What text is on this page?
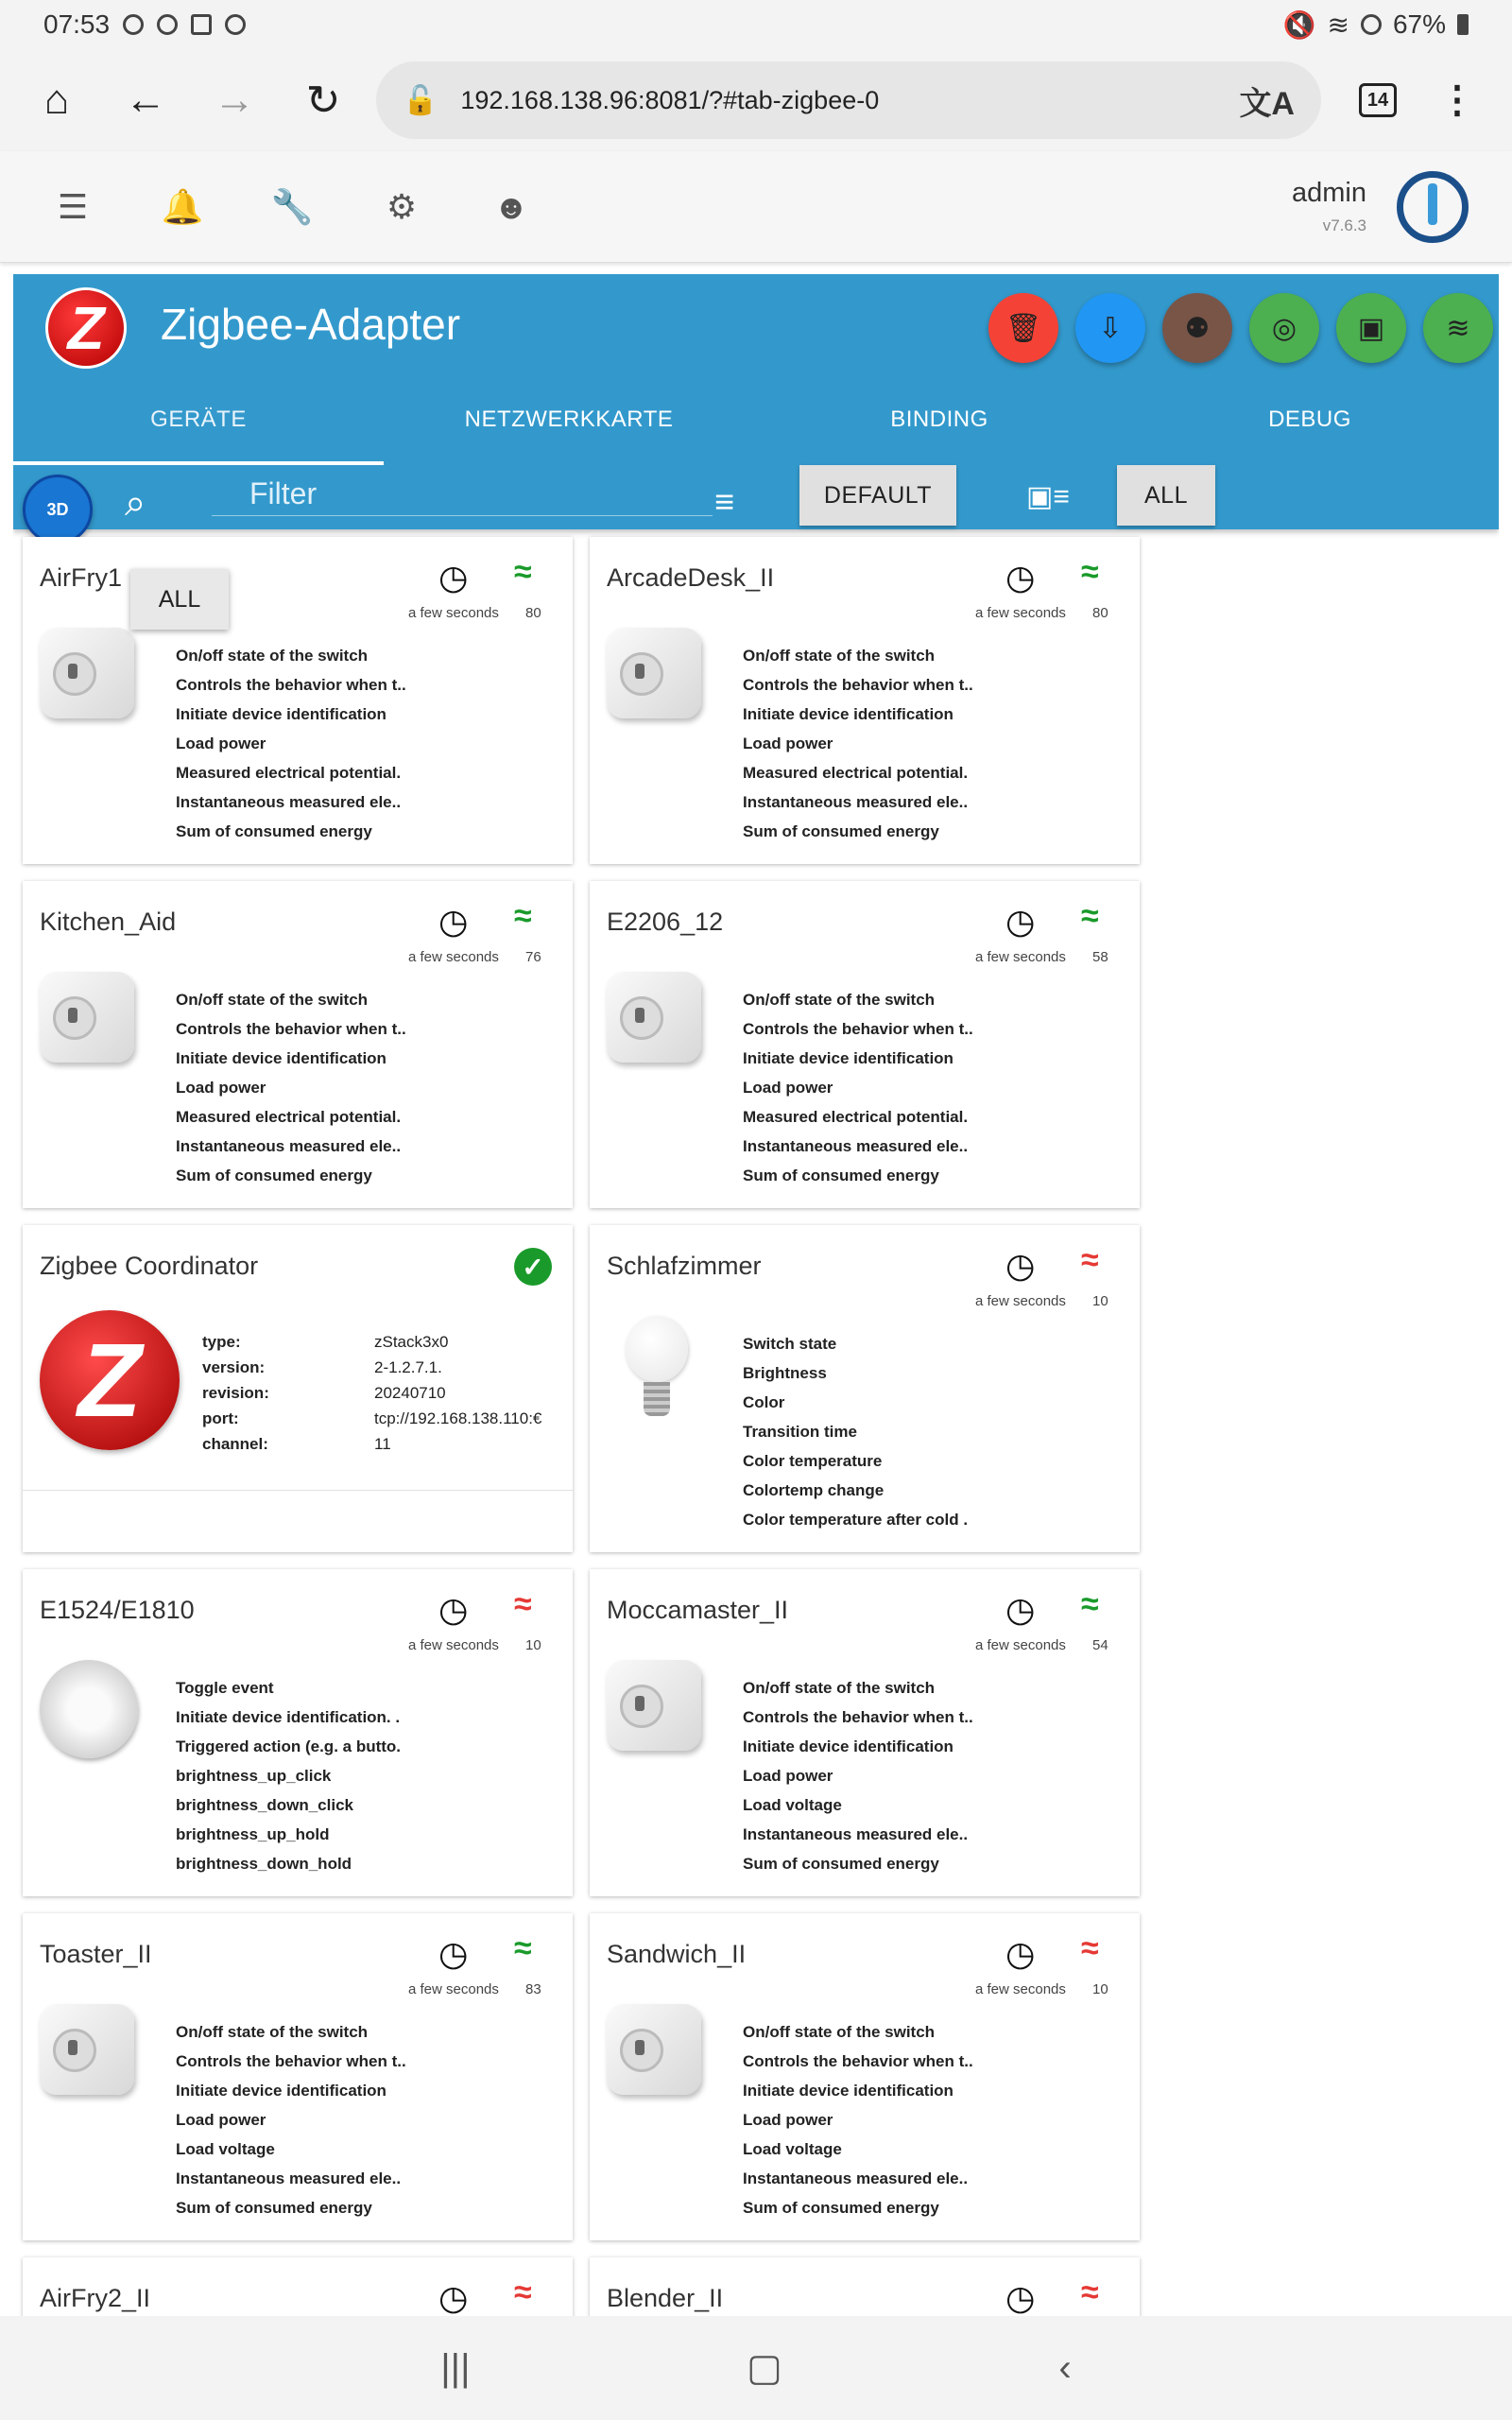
07:53	🔇 ≋ 67%
⌂	←	→	↻	🔓 192.168.138.96:8081/?#tab-zigbee-0	文A	14 ⋮
☰	🔔 🔧	⚙	☻	admin
v7.6.3
Z	Zigbee-Adapter	🗑	⇩	⚉	◎	▣	≋
GERÄTE	NETZWERKKARTE	BINDING	DEBUG
3D	⌕
Filter	≡	DEFAULT	▣≡	ALL
AirFry1	◷ ≈
a few seconds 80
On/off state of the switch
Controls the behavior when t..
Initiate device identification
Load power
Measured electrical potential.
Instantaneous measured ele..
Sum of consumed energy
ArcadeDesk_II	◷ ≈
a few seconds 80
On/off state of the switch
Controls the behavior when t..
Initiate device identification
Load power
Measured electrical potential.
Instantaneous measured ele..
Sum of consumed energy
Kitchen_Aid	◷ ≈
a few seconds 76
On/off state of the switch
Controls the behavior when t..
Initiate device identification
Load power
Measured electrical potential.
Instantaneous measured ele..
Sum of consumed energy
E2206_12	◷ ≈
a few seconds 58
On/off state of the switch
Controls the behavior when t..
Initiate device identification
Load power
Measured electrical potential.
Instantaneous measured ele..
Sum of consumed energy
Zigbee Coordinator	✓
Z	type:	zStack3x0
version:	2-1.2.7.1.
revision:	20240710
port:	tcp://192.168.138.110:€
channel:	11
Schlafzimmer	◷ ≈
a few seconds 10
Switch state
Brightness
Color
Transition time
Color temperature
Colortemp change
Color temperature after cold .
E1524/E1810	◷ ≈
a few seconds 10
Toggle event
Initiate device identification. .
Triggered action (e.g. a butto.
brightness_up_click
brightness_down_click
brightness_up_hold
brightness_down_hold
Moccamaster_II	◷ ≈
a few seconds 54
On/off state of the switch
Controls the behavior when t..
Initiate device identification
Load power
Load voltage
Instantaneous measured ele..
Sum of consumed energy
Toaster_II	◷ ≈
a few seconds 83
On/off state of the switch
Controls the behavior when t..
Initiate device identification
Load power
Load voltage
Instantaneous measured ele..
Sum of consumed energy
Sandwich_II	◷ ≈
a few seconds 10
On/off state of the switch
Controls the behavior when t..
Initiate device identification
Load power
Load voltage
Instantaneous measured ele..
Sum of consumed energy
AirFry2_II	◷ ≈	Blender_II	◷ ≈
ALL
|||	▢	‹
